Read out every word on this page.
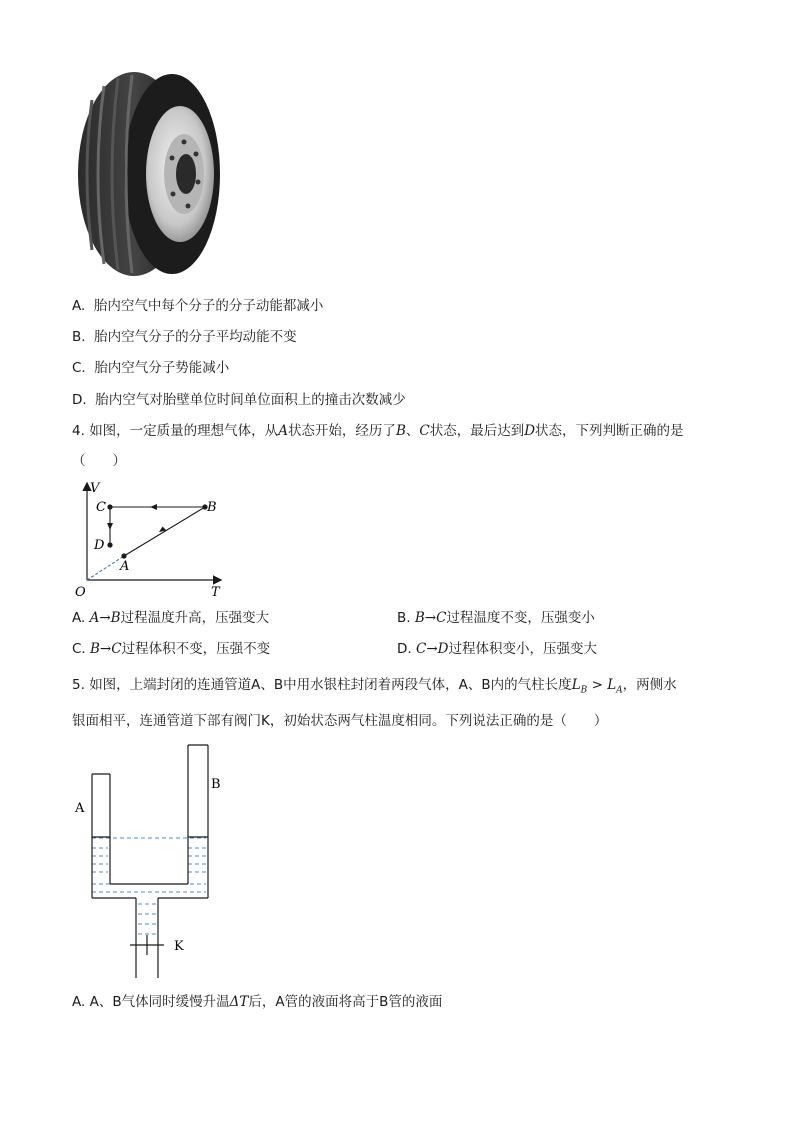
A. 胎内空气中每个分子的分子动能都减小
B. 胎内空气分子的分子平均动能不变
C. 胎内空气分子势能减小
D. 胎内空气对胎壁单位时间单位面积上的撞击次数减少
4. 如图，一定质量的理想气体，从A状态开始，经历了B、C状态，最后达到D状态，下列判断正确的是
（　　）
V
T
O
A
B
C
D
A. A→B过程温度升高，压强变大	B. B→C过程温度不变，压强变小
C. B→C过程体积不变，压强不变	D. C→D过程体积变小，压强变大
5. 如图，上端封闭的连通管道A、B中用水银柱封闭着两段气体，A、B内的气柱长度$L_B > L_A$，两侧水
银面相平，连通管道下部有阀门K，初始状态两气柱温度相同。下列说法正确的是（　　）
A
B
K
A. A、B气体同时缓慢升温ΔT后，A管的液面将高于B管的液面
